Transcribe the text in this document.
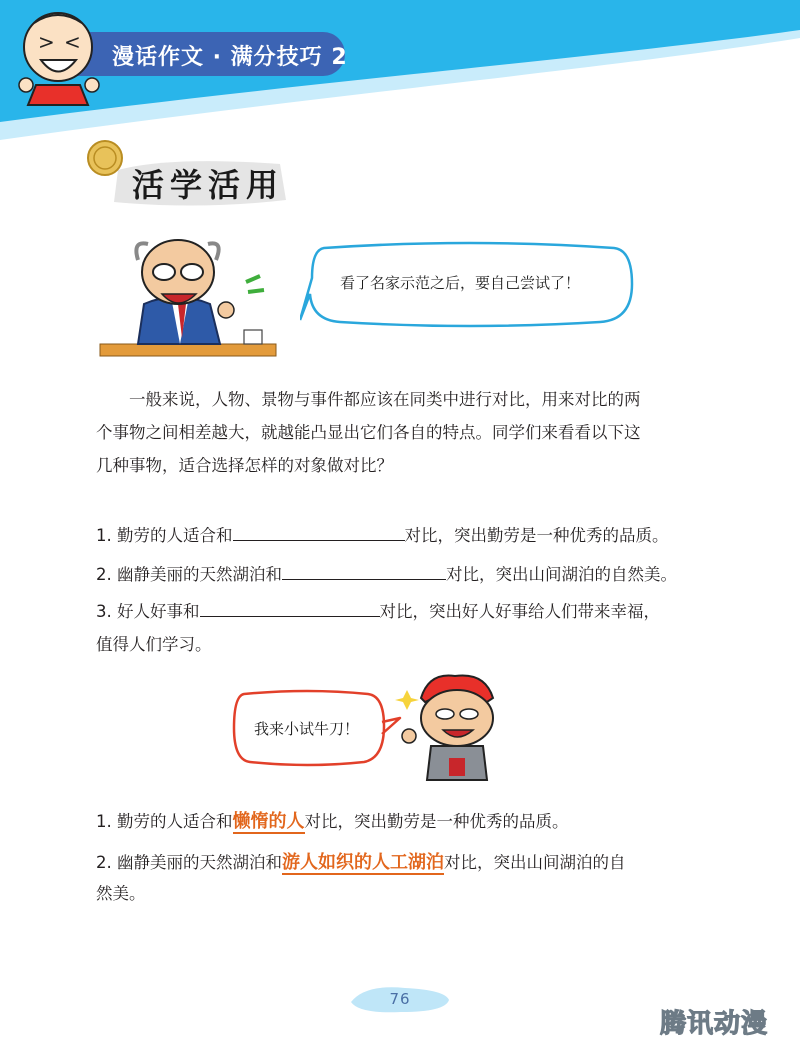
> <
漫话作文 · 满分技巧 2
活学活用
看了名家示范之后，要自己尝试了！
一般来说，人物、景物与事件都应该在同类中进行对比，用来对比的两
个事物之间相差越大，就越能凸显出它们各自的特点。同学们来看看以下这
几种事物，适合选择怎样的对象做对比？
1. 勤劳的人适合和	对比，突出勤劳是一种优秀的品质。
2. 幽静美丽的天然湖泊和	对比，突出山间湖泊的自然美。
3. 好人好事和	对比，突出好人好事给人们带来幸福，
值得人们学习。
我来小试牛刀！
1. 勤劳的人适合和懒惰的人对比，突出勤劳是一种优秀的品质。
2. 幽静美丽的天然湖泊和游人如织的人工湖泊对比，突出山间湖泊的自
然美。
76
腾讯动漫
